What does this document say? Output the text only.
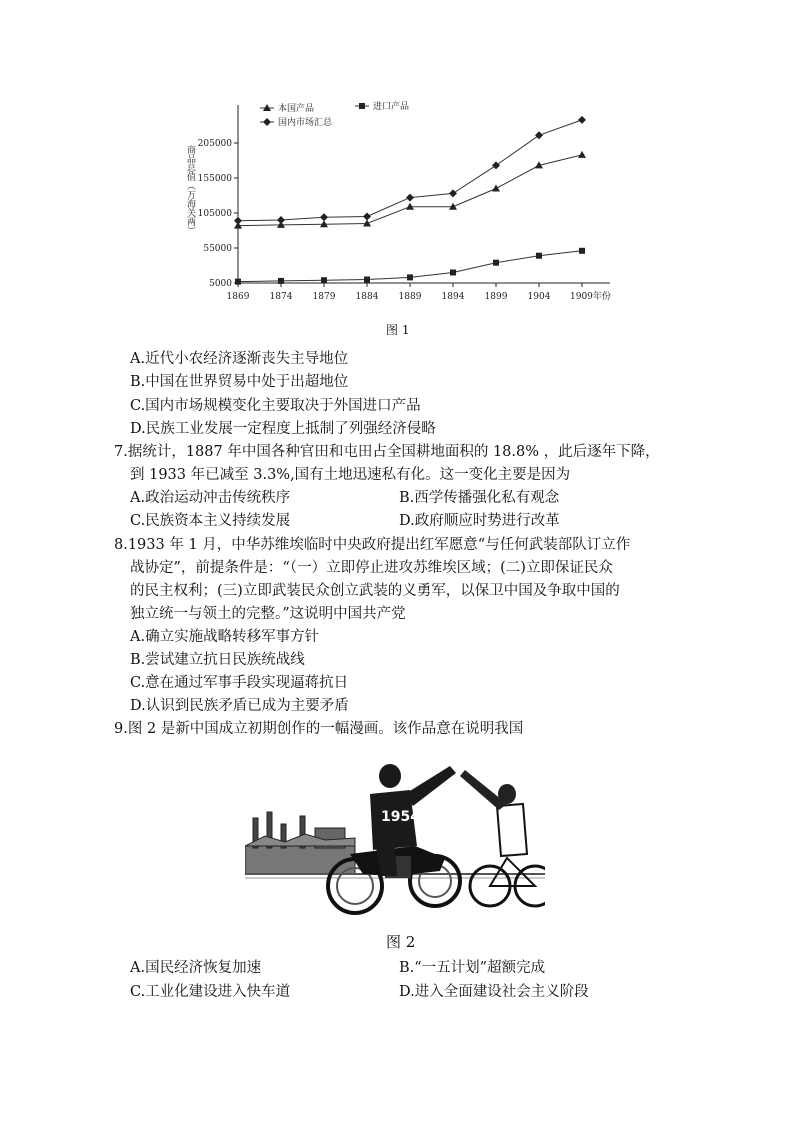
5000
55000
105000
155000
205000
1869 1874 1879 1884 1889 1894 1899 1904 1909年份
商品总值（万海关两）
本国产品	进口产品
国内市场汇总
图 1
A.近代小农经济逐渐丧失主导地位
B.中国在世界贸易中处于出超地位
C.国内市场规模变化主要取决于外国进口产品
D.民族工业发展一定程度上抵制了列强经济侵略
7.据统计，1887 年中国各种官田和屯田占全国耕地面积的 18.8% ，此后逐年下降，
到 1933 年已减至 3.3%,国有土地迅速私有化。这一变化主要是因为
A.政治运动冲击传统秩序	B.西学传播强化私有观念
C.民族资本主义持续发展	D.政府顺应时势进行改革
8.1933 年 1 月，中华苏维埃临时中央政府提出红军愿意“与任何武装部队订立作
战协定”，前提条件是：“（一）立即停止进攻苏维埃区域；(二)立即保证民众
的民主权利；(三)立即武装民众创立武装的义勇军，以保卫中国及争取中国的
独立统一与领土的完整。”这说明中国共产党
A.确立实施战略转移军事方针
B.尝试建立抗日民族统战线
C.意在通过军事手段实现逼蒋抗日
D.认识到民族矛盾已成为主要矛盾
9.图 2 是新中国成立初期创作的一幅漫画。该作品意在说明我国
1954
图 2
A.国民经济恢复加速	B.“一五计划”超额完成
C.工业化建设进入快车道	D.进入全面建设社会主义阶段
